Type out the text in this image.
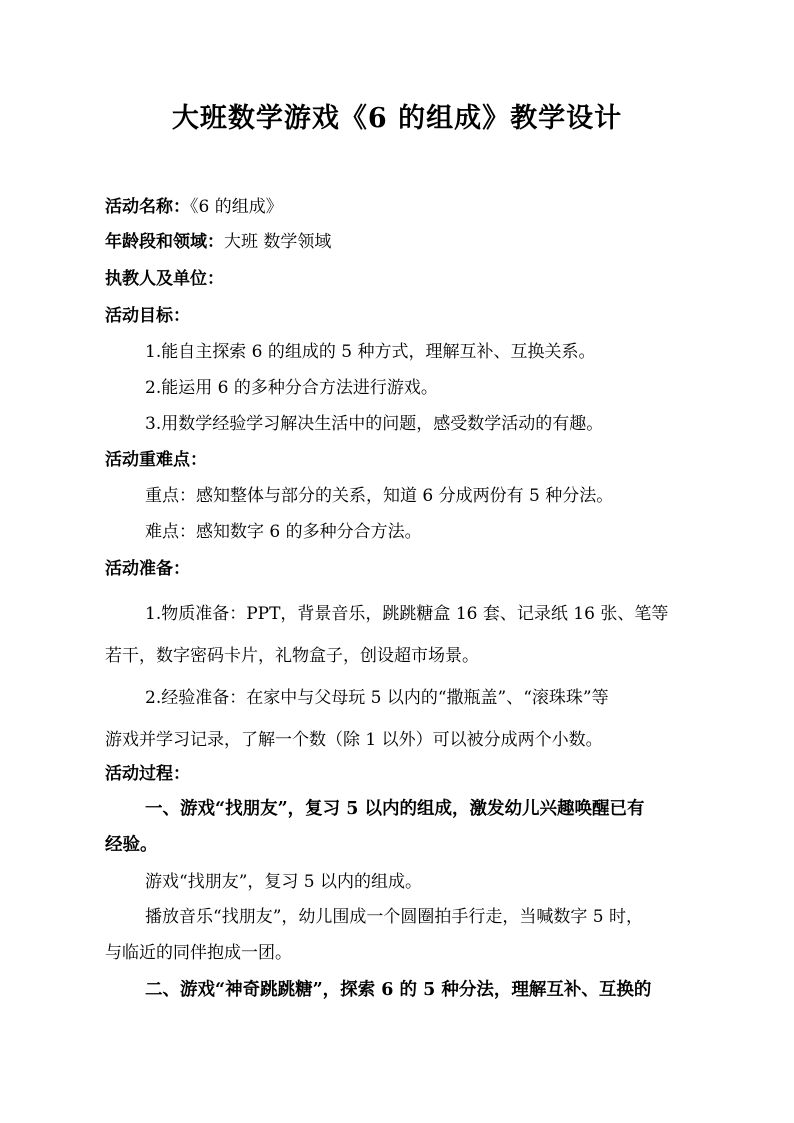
大班数学游戏《6 的组成》教学设计
活动名称：《6 的组成》
年龄段和领域：大班 数学领域
执教人及单位：
活动目标：
1.能自主探索 6 的组成的 5 种方式，理解互补、互换关系。
2.能运用 6 的多种分合方法进行游戏。
3.用数学经验学习解决生活中的问题，感受数学活动的有趣。
活动重难点：
重点：感知整体与部分的关系，知道 6 分成两份有 5 种分法。
难点：感知数字 6 的多种分合方法。
活动准备：
1.物质准备：PPT，背景音乐，跳跳糖盒 16 套、记录纸 16 张、笔等
若干，数字密码卡片，礼物盒子，创设超市场景。
2.经验准备：在家中与父母玩 5 以内的“撒瓶盖”、“滚珠珠”等
游戏并学习记录，了解一个数（除 1 以外）可以被分成两个小数。
活动过程：
一、游戏“找朋友”，复习 5 以内的组成，激发幼儿兴趣唤醒已有
经验。
游戏“找朋友”，复习 5 以内的组成。
播放音乐“找朋友”，幼儿围成一个圆圈拍手行走，当喊数字 5 时，
与临近的同伴抱成一团。
二、游戏“神奇跳跳糖”，探索 6 的 5 种分法，理解互补、互换的
